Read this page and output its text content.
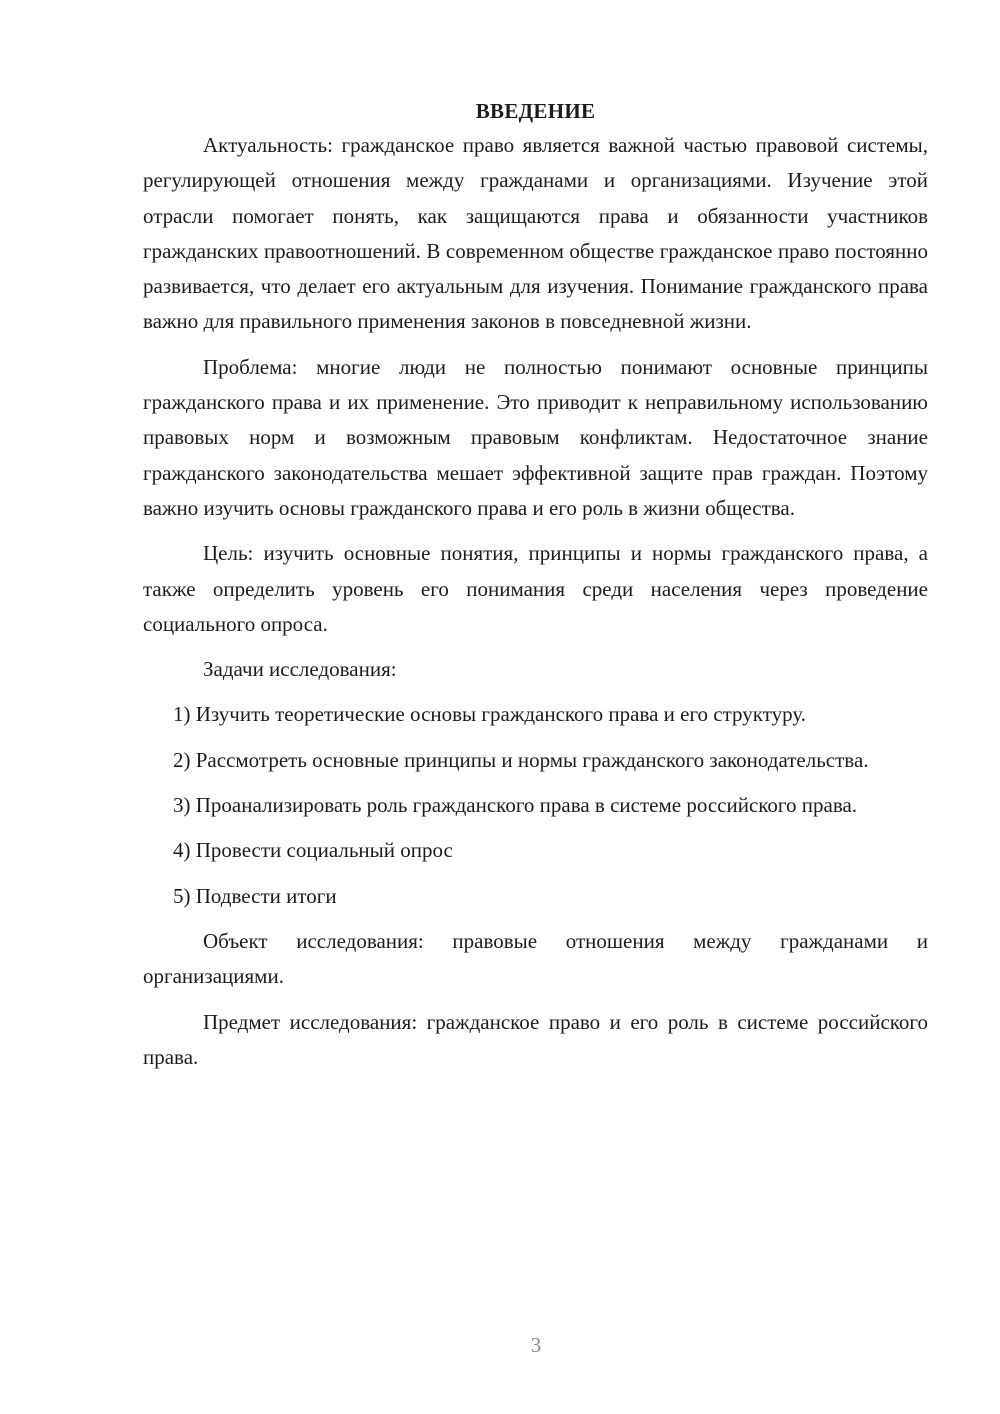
ВВЕДЕНИЕ

Актуальность: гражданское право является важной частью правовой системы, регулирующей отношения между гражданами и организациями. Изучение этой отрасли помогает понять, как защищаются права и обязанности участников гражданских правоотношений. В современном обществе гражданское право постоянно развивается, что делает его актуальным для изучения. Понимание гражданского права важно для правильного применения законов в повседневной жизни.

Проблема: многие люди не полностью понимают основные принципы гражданского права и их применение. Это приводит к неправильному использованию правовых норм и возможным правовым конфликтам. Недостаточное знание гражданского законодательства мешает эффективной защите прав граждан. Поэтому важно изучить основы гражданского права и его роль в жизни общества.

Цель: изучить основные понятия, принципы и нормы гражданского права, а также определить уровень его понимания среди населения через проведение социального опроса.

Задачи исследования:

1) Изучить теоретические основы гражданского права и его структуру.

2) Рассмотреть основные принципы и нормы гражданского законодательства.

3) Проанализировать роль гражданского права в системе российского права.

4) Провести социальный опрос

5) Подвести итоги

Объект исследования: правовые отношения между гражданами и организациями.

Предмет исследования: гражданское право и его роль в системе российского права.

3
